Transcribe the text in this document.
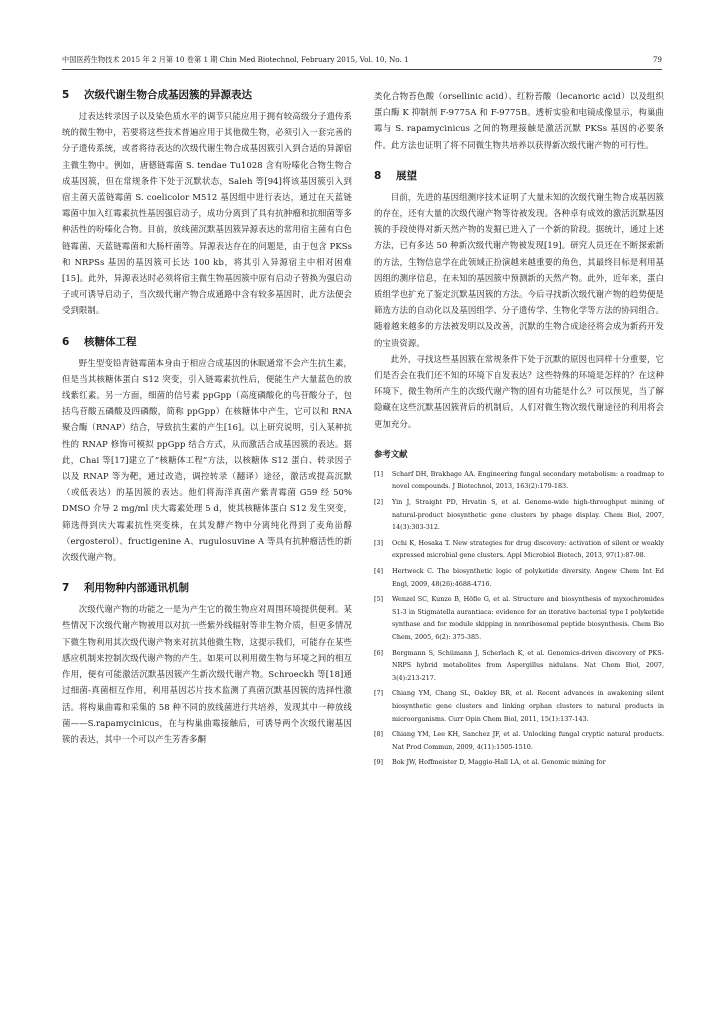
中国医药生物技术 2015 年 2 月第 10 卷第 1 期 Chin Med Biotechnol, February 2015, Vol. 10, No. 1	79
5 次级代谢生物合成基因簇的异源表达

过表达转录因子以及染色质水平的调节只能应用于拥有较高级分子遗传系统的微生物中，若要将这些技术普遍应用于其他微生物，必须引入一套完善的分子遗传系统，或者将待表达的次级代谢生物合成基因簇引入到合适的异源宿主微生物中。例如，唐德链霉菌 S. tendae Tu1028 含有吩嗪化合物生物合成基因簇，但在常规条件下处于沉默状态，Saleh 等[94]将该基因簇引入到宿主菌天蓝链霉菌 S. coelicolor M512 基因组中进行表达，通过在天蓝链霉菌中加入红霉素抗性基因强启动子，成功分离到了具有抗肿瘤和抗细菌等多种活性的吩嗪化合物。目前，放线菌沉默基因簇异源表达的常用宿主菌有白色链霉菌、天蓝链霉菌和大肠杆菌等。异源表达存在的问题是，由于包含 PKSs 和 NRPSs 基因的基因簇可长达 100 kb，将其引入异源宿主中相对困难[15]。此外，异源表达时必须将宿主微生物基因簇中原有启动子替换为强启动子或可诱导启动子，当次级代谢产物合成通路中含有较多基因时，此方法便会受到限制。

6 核糖体工程

野生型变铅青链霉菌本身由于相应合成基因的休眠通常不会产生抗生素，但是当其核糖体蛋白 S12 突变，引入链霉素抗性后，便能生产大量蓝色的放线紫红素。另一方面，细菌的信号素 ppGpp（高度磷酸化的鸟苷酸分子，包括鸟苷酸五磷酸及四磷酸，简称 ppGpp）在核糖体中产生，它可以和 RNA 聚合酶（RNAP）结合，导致抗生素的产生[16]。以上研究说明，引入某种抗性的 RNAP 修饰可模拟 ppGpp 结合方式，从而激活合成基因簇的表达。据此，Chai 等[17]建立了“核糖体工程”方法，以核糖体 S12 蛋白、转录因子以及 RNAP 等为靶，通过改造，调控转录（翻译）途径，激活或提高沉默（或低表达）的基因簇的表达。他们将海洋真菌产紫青霉菌 G59 经 50% DMSO 介导 2 mg/ml 庆大霉素处理 5 d，使其核糖体蛋白 S12 发生突变，筛选得到庆大霉素抗性突变株，在其发酵产物中分离纯化得到了麦角甾醇（ergosterol）、fructigenine A、rugulosuvine A 等具有抗肿瘤活性的新次级代谢产物。

7 利用物种内部通讯机制

次级代谢产物的功能之一是为产生它的微生物应对周围环境提供便利。某些情况下次级代谢产物被用以对抗一些紫外线辐射等非生物介质，但更多情况下微生物利用其次级代谢产物来对抗其他微生物，这提示我们，可能存在某些感应机制来控制次级代谢产物的产生。如果可以利用微生物与环境之间的相互作用，便有可能激活沉默基因簇产生新次级代谢产物。Schroeckh 等[18]通过细菌-真菌相互作用，利用基因芯片技术监测了真菌沉默基因簇的选择性激活。将构巢曲霉和采集的 58 种不同的放线菌进行共培养，发现其中一种放线菌——S.rapamycinicus，在与构巢曲霉接触后，可诱导两个次级代谢基因簇的表达，其中一个可以产生芳香多酮

类化合物苔色酸（orsellinic acid）、红粉苔酸（lecanoric acid）以及组织蛋白酶 K 抑制剂 F-9775A 和 F-9775B。透析实验和电镜成像显示，构巢曲霉与 S. rapamycinicus 之间的物理接触是激活沉默 PKSs 基因的必要条件。此方法也证明了将不同微生物共培养以获得新次级代谢产物的可行性。

8 展望

目前，先进的基因组测序技术证明了大量未知的次级代谢生物合成基因簇的存在，还有大量的次级代谢产物等待被发现。各种卓有成效的激活沉默基因簇的手段使得对新天然产物的发掘已进入了一个新的阶段。据统计，通过上述方法，已有多达 50 种新次级代谢产物被发现[19]。研究人员还在不断探索新的方法，生物信息学在此领域正扮演越来越重要的角色，其最终目标是利用基因组的测序信息，在未知的基因簇中预测新的天然产物。此外，近年来，蛋白质组学也扩充了鉴定沉默基因簇的方法。今后寻找新次级代谢产物的趋势便是筛选方法的自动化以及基因组学、分子遗传学、生物化学等方法的协同组合。随着越来越多的方法被发明以及改善，沉默的生物合成途径将会成为新药开发的宝贵资源。

此外，寻找这些基因簇在常规条件下处于沉默的原因也同样十分重要，它们是否会在我们还不知的环境下自发表达？这些特殊的环境是怎样的？在这种环境下，微生物所产生的次级代谢产物的固有功能是什么？可以预见，当了解隐藏在这些沉默基因簇背后的机制后，人们对微生物次级代谢途径的利用将会更加充分。

参考文献
[1]	Scharf DH, Brakhage AA. Engineering fungal secondary metabolism: a roadmap to novel compounds. J Biotechnol, 2013, 163(2):179-183.
[2]	Yin J, Straight PD, Hrvatin S, et al. Genome-wide high-throughput mining of natural-product biosynthetic gene clusters by phage display. Chem Biol, 2007, 14(3):303-312.
[3]	Ochi K, Hosaka T. New strategies for drug discovery: activation of silent or weakly expressed microbial gene clusters. Appl Microbiol Biotech, 2013, 97(1):87-98.
[4]	Hertweck C. The biosynthetic logic of polyketide diversity. Angew Chem Int Ed Engl, 2009, 48(26):4688-4716.
[5]	Wenzel SC, Kunze B, Höfle G, et al. Structure and biosynthesis of myxochromides S1-3 in Stigmatella aurantiaca: evidence for an iterative bacterial type I polyketide synthase and for module skipping in nonribosomal peptide biosynthesis. Chem Bio Chem, 2005, 6(2): 375-385.
[6]	Bergmann S, Schümann J, Scherlach K, et al. Genomics-driven discovery of PKS-NRPS hybrid metabolites from Aspergillus nidulans. Nat Chem Biol, 2007, 3(4):213-217.
[7]	Chiang YM, Chang SL, Oakley BR, et al. Recent advances in awakening silent biosynthetic gene clusters and linking orphan clusters to natural products in microorganisms. Curr Opin Chem Biol, 2011, 15(1):137-143.
[8]	Chiang YM, Lee KH, Sanchez JF, et al. Unlocking fungal cryptic natural products. Nat Prod Commun, 2009, 4(11):1505-1510.
[9]	Bok JW, Hoffmeister D, Maggio-Hall LA, et al. Genomic mining for
